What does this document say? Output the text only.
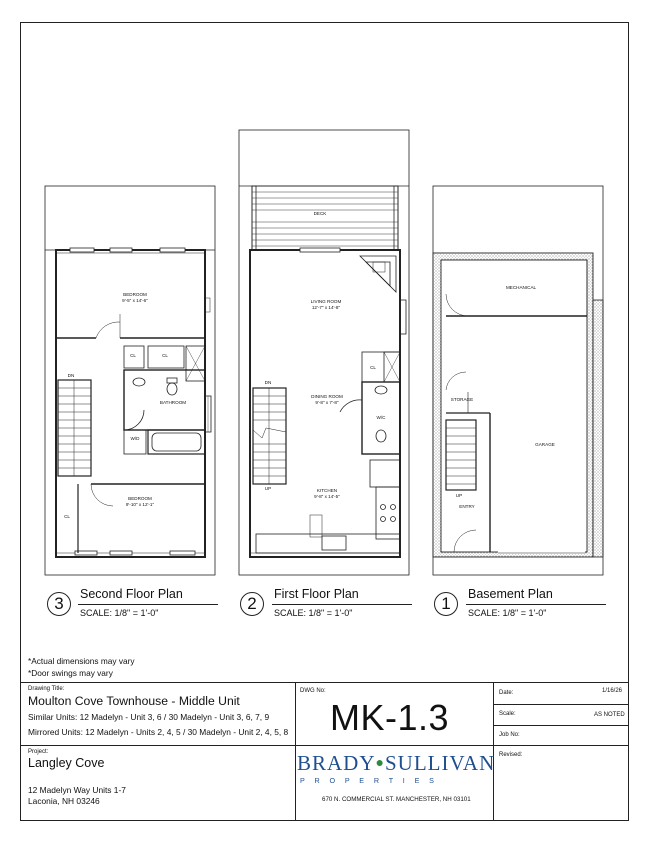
BEDROOM
9'-5" x 14'-6"
CL	CL
BATHROOM
W/D
DN
BEDROOM
9'-10" x 12'-1"
CL
DECK
LIVING ROOM
12'-7" x 14'-8"
CL
DINING ROOM
9'-8" x 7'-8"
W/C
DN
UP	KITCHEN
9'-8" x 14'-5"
MECHANICAL
STORAGE
GARAGE
UP
ENTRY
3	Second Floor Plan
SCALE: 1/8" = 1'-0"	2	First Floor Plan
SCALE: 1/8" = 1'-0"	1	Basement Plan
SCALE: 1/8" = 1'-0"
*Actual dimensions may vary
*Door swings may vary
Drawing Title:
Moulton Cove Townhouse - Middle Unit
Similar Units: 12 Madelyn - Unit 3, 6 / 30 Madelyn - Unit 3, 6, 7, 9
Mirrored Units: 12 Madelyn - Units 2, 4, 5 / 30 Madelyn - Unit 2, 4, 5, 8
Project:
Langley Cove
12 Madelyn Way Units 1-7
Laconia, NH 03246
DWG No:
MK-1.3
BRADY●SULLIVAN
P R O P E R T I E S
670 N. COMMERCIAL ST. MANCHESTER, NH 03101
Date:	1/16/26
Scale:	AS NOTED
Job No:
Revised:
